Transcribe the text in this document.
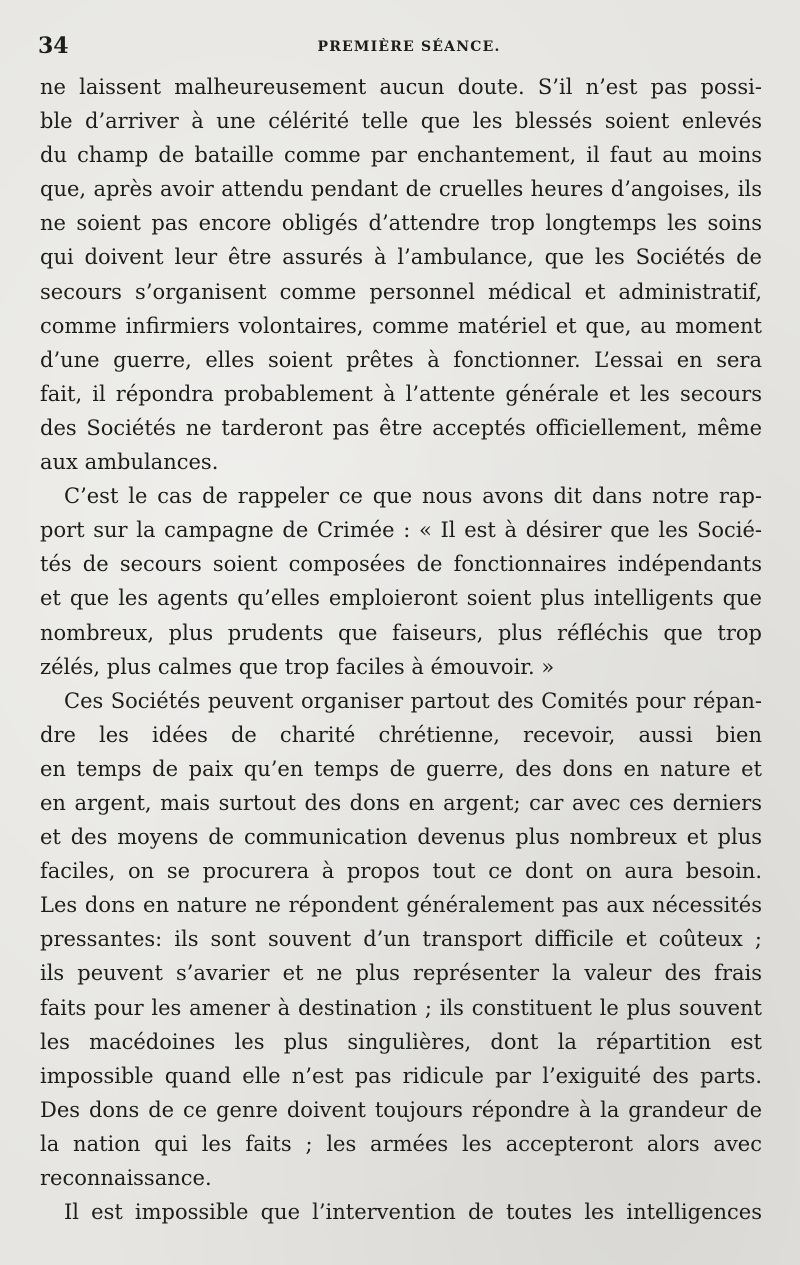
34	PREMIÈRE SÉANCE.
ne laissent malheureusement aucun doute. S’il n’est pas possi-
ble d’arriver à une célérité telle que les blessés soient enlevés
du champ de bataille comme par enchantement, il faut au moins
que, après avoir attendu pendant de cruelles heures d’angoises, ils
ne soient pas encore obligés d’attendre trop longtemps les soins
qui doivent leur être assurés à l’ambulance, que les Sociétés de
secours s’organisent comme personnel médical et administratif,
comme infirmiers volontaires, comme matériel et que, au moment
d’une guerre, elles soient prêtes à fonctionner. L’essai en sera
fait, il répondra probablement à l’attente générale et les secours
des Sociétés ne tarderont pas être acceptés officiellement, même
aux ambulances.
C’est le cas de rappeler ce que nous avons dit dans notre rap-
port sur la campagne de Crimée : « Il est à désirer que les Socié-
tés de secours soient composées de fonctionnaires indépendants
et que les agents qu’elles emploieront soient plus intelligents que
nombreux, plus prudents que faiseurs, plus réfléchis que trop
zélés, plus calmes que trop faciles à émouvoir. »
Ces Sociétés peuvent organiser partout des Comités pour répan-
dre les idées de charité chrétienne, recevoir, aussi bien
en temps de paix qu’en temps de guerre, des dons en nature et
en argent, mais surtout des dons en argent; car avec ces derniers
et des moyens de communication devenus plus nombreux et plus
faciles, on se procurera à propos tout ce dont on aura besoin.
Les dons en nature ne répondent généralement pas aux nécessités
pressantes: ils sont souvent d’un transport difficile et coûteux ;
ils peuvent s’avarier et ne plus représenter la valeur des frais
faits pour les amener à destination ; ils constituent le plus souvent
les macédoines les plus singulières, dont la répartition est
impossible quand elle n’est pas ridicule par l’exiguité des parts.
Des dons de ce genre doivent toujours répondre à la grandeur de
la nation qui les faits ; les armées les accepteront alors avec
reconnaissance.
Il est impossible que l’intervention de toutes les intelligences
